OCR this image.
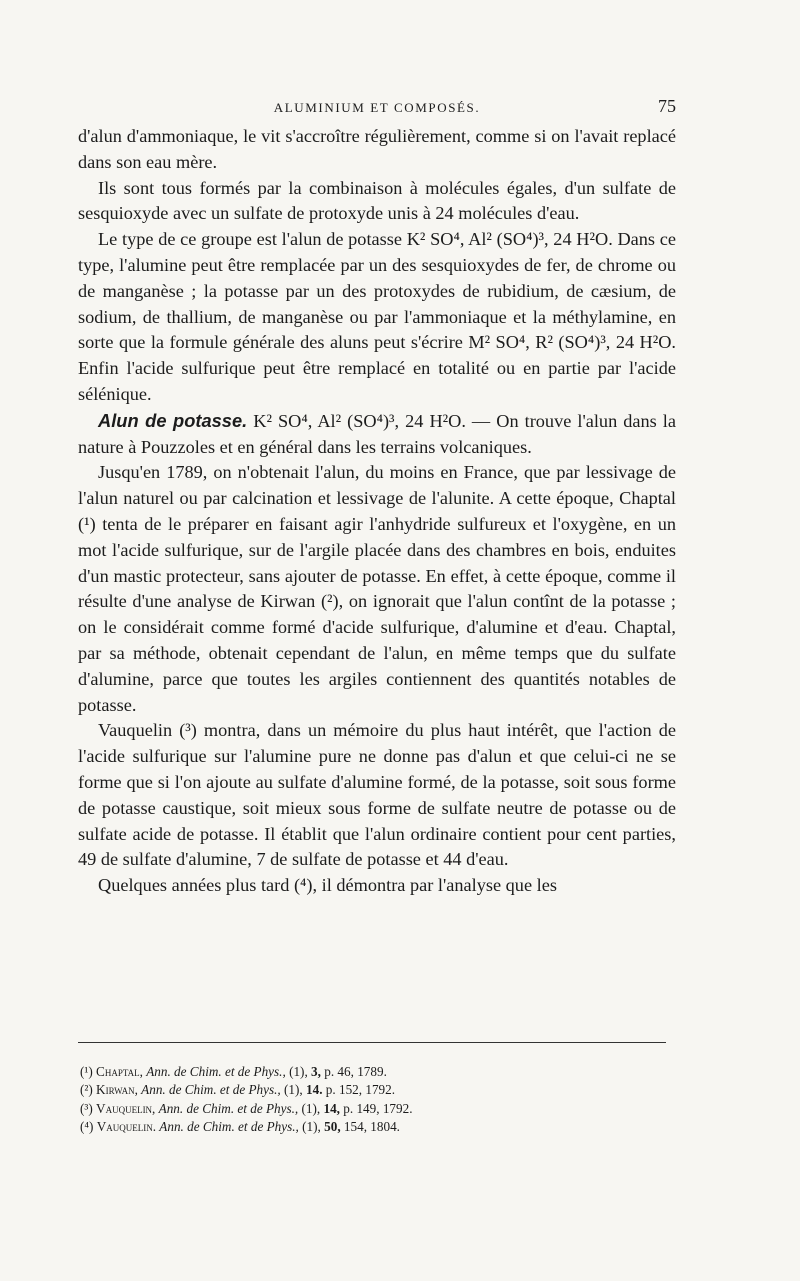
ALUMINIUM ET COMPOSÉS.	75

d'alun d'ammoniaque, le vit s'accroître régulièrement, comme si on l'avait replacé dans son eau mère.

Ils sont tous formés par la combinaison à molécules égales, d'un sulfate de sesquioxyde avec un sulfate de protoxyde unis à 24 molécules d'eau.

Le type de ce groupe est l'alun de potasse K² SO⁴, Al² (SO⁴)³, 24 H²O. Dans ce type, l'alumine peut être remplacée par un des sesquioxydes de fer, de chrome ou de manganèse ; la potasse par un des protoxydes de rubidium, de cæsium, de sodium, de thallium, de manganèse ou par l'ammoniaque et la méthylamine, en sorte que la formule générale des aluns peut s'écrire M² SO⁴, R² (SO⁴)³, 24 H²O. Enfin l'acide sulfurique peut être remplacé en totalité ou en partie par l'acide sélénique.

Alun de potasse. K² SO⁴, Al² (SO⁴)³, 24 H²O. — On trouve l'alun dans la nature à Pouzzoles et en général dans les terrains volcaniques.

Jusqu'en 1789, on n'obtenait l'alun, du moins en France, que par lessivage de l'alun naturel ou par calcination et lessivage de l'alunite. A cette époque, Chaptal (¹) tenta de le préparer en faisant agir l'anhydride sulfureux et l'oxygène, en un mot l'acide sulfurique, sur de l'argile placée dans des chambres en bois, enduites d'un mastic protecteur, sans ajouter de potasse. En effet, à cette époque, comme il résulte d'une analyse de Kirwan (²), on ignorait que l'alun contînt de la potasse ; on le considérait comme formé d'acide sulfurique, d'alumine et d'eau. Chaptal, par sa méthode, obtenait cependant de l'alun, en même temps que du sulfate d'alumine, parce que toutes les argiles contiennent des quantités notables de potasse.

Vauquelin (³) montra, dans un mémoire du plus haut intérêt, que l'action de l'acide sulfurique sur l'alumine pure ne donne pas d'alun et que celui-ci ne se forme que si l'on ajoute au sulfate d'alumine formé, de la potasse, soit sous forme de potasse caustique, soit mieux sous forme de sulfate neutre de potasse ou de sulfate acide de potasse. Il établit que l'alun ordinaire contient pour cent parties, 49 de sulfate d'alumine, 7 de sulfate de potasse et 44 d'eau.

Quelques années plus tard (⁴), il démontra par l'analyse que les

(¹) Chaptal, Ann. de Chim. et de Phys., (1), 3, p. 46, 1789.
(²) Kirwan, Ann. de Chim. et de Phys., (1), 14. p. 152, 1792.
(³) Vauquelin, Ann. de Chim. et de Phys., (1), 14, p. 149, 1792.
(⁴) Vauquelin. Ann. de Chim. et de Phys., (1), 50, 154, 1804.
